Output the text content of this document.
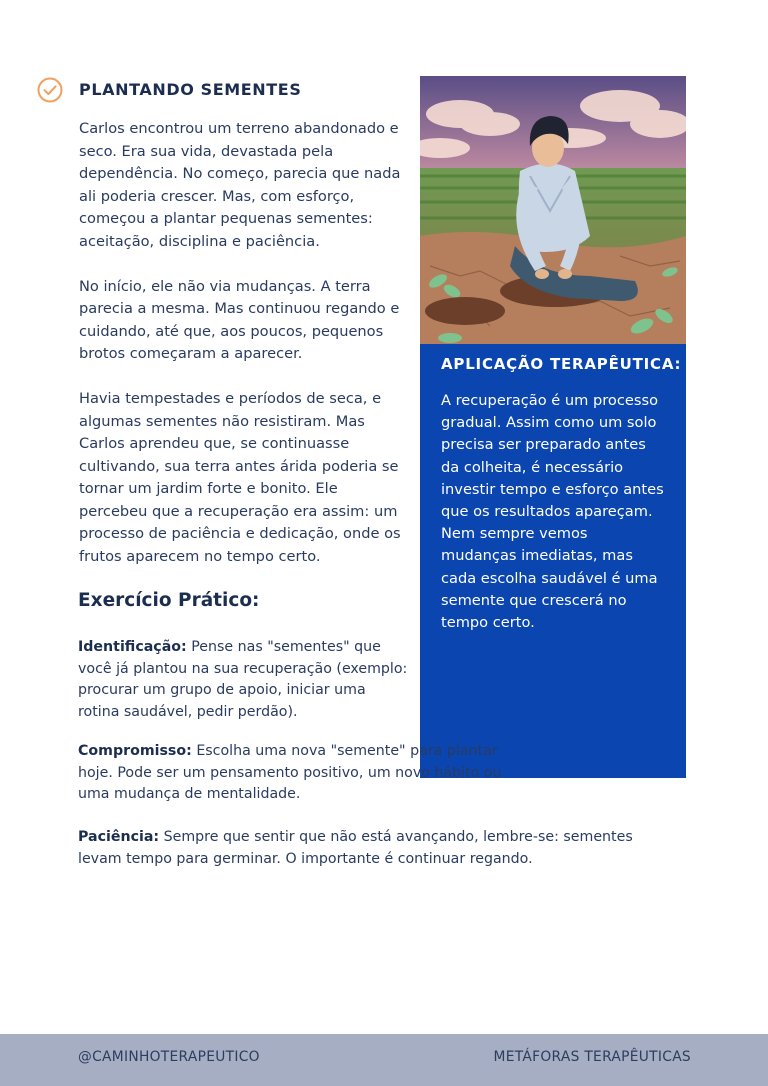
PLANTANDO SEMENTES

Carlos encontrou um terreno abandonado e seco. Era sua vida, devastada pela dependência. No começo, parecia que nada ali poderia crescer. Mas, com esforço, começou a plantar pequenas sementes: aceitação, disciplina e paciência.

No início, ele não via mudanças. A terra parecia a mesma. Mas continuou regando e cuidando, até que, aos poucos, pequenos brotos começaram a aparecer.

Havia tempestades e períodos de seca, e algumas sementes não resistiram. Mas Carlos aprendeu que, se continuasse cultivando, sua terra antes árida poderia se tornar um jardim forte e bonito. Ele percebeu que a recuperação era assim: um processo de paciência e dedicação, onde os frutos aparecem no tempo certo.

APLICAÇÃO TERAPÊUTICA:

A recuperação é um processo gradual. Assim como um solo precisa ser preparado antes da colheita, é necessário investir tempo e esforço antes que os resultados apareçam. Nem sempre vemos mudanças imediatas, mas cada escolha saudável é uma semente que crescerá no tempo certo.

Exercício Prático:

Identificação: Pense nas "sementes" que você já plantou na sua recuperação (exemplo: procurar um grupo de apoio, iniciar uma rotina saudável, pedir perdão).

Compromisso: Escolha uma nova "semente" para plantar hoje. Pode ser um pensamento positivo, um novo hábito ou uma mudança de mentalidade.

Paciência: Sempre que sentir que não está avançando, lembre-se: sementes levam tempo para germinar. O importante é continuar regando.

@CAMINHOTERAPEUTICO	METÁFORAS TERAPÊUTICAS
